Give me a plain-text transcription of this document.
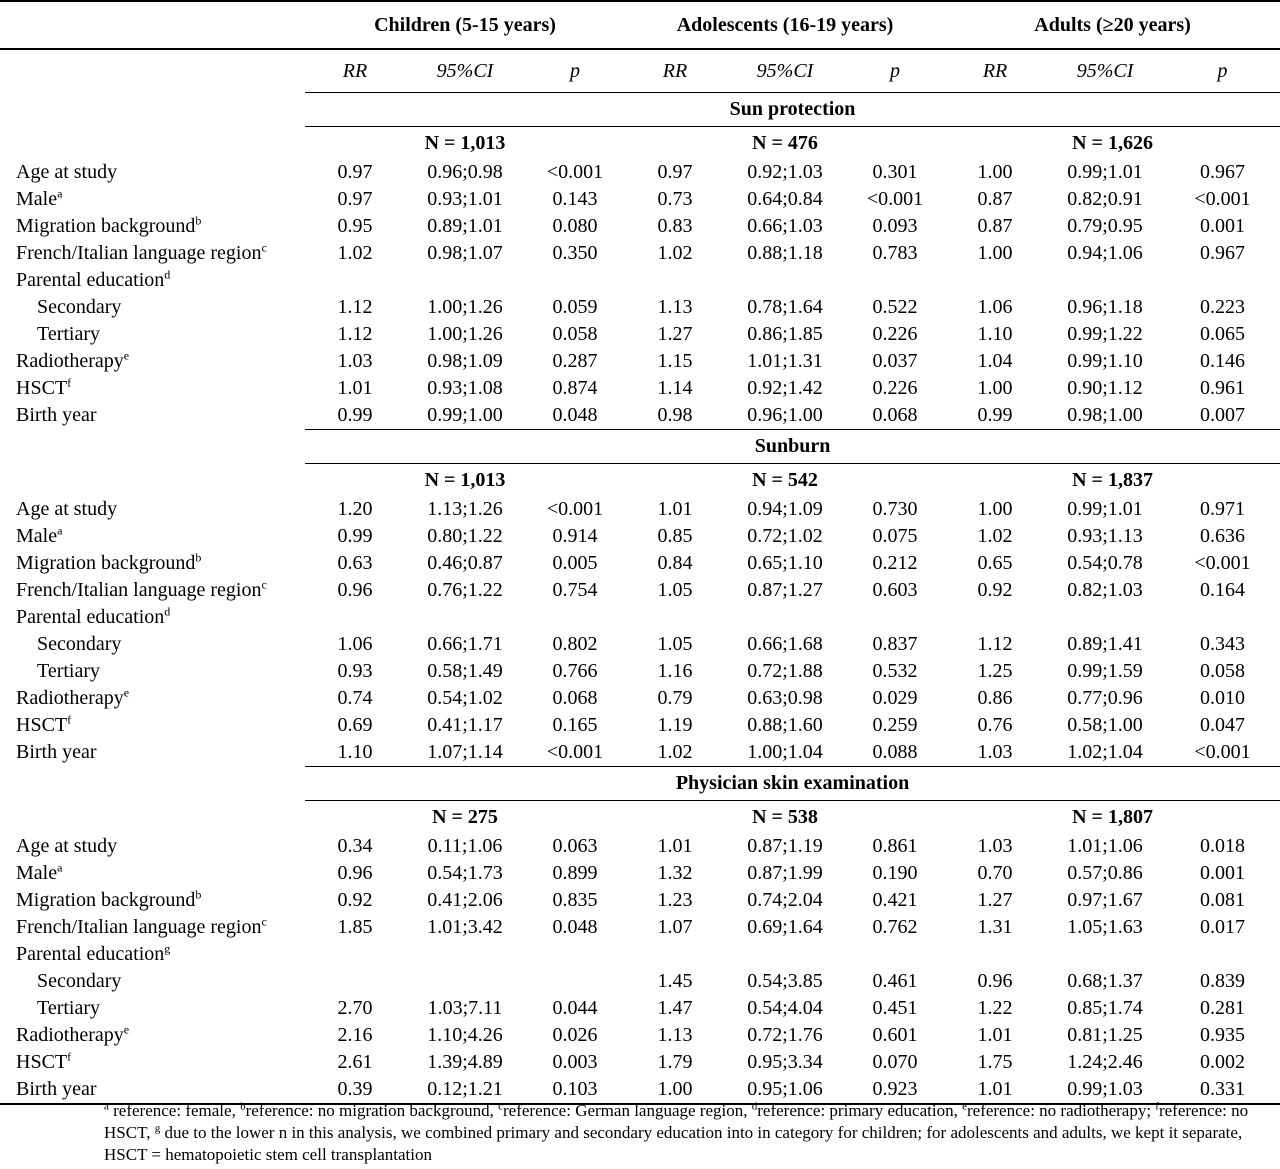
	Children (5-15 years)			Adolescents (16-19 years)			Adults (≥20 years)		
	RR	95%CI	p	RR	95%CI	p	RR	95%CI	p
	Sun protection								
	N = 1,013			N = 476			N = 1,626		
Age at study	0.97	0.96;0.98	<0.001	0.97	0.92;1.03	0.301	1.00	0.99;1.01	0.967
Male$^a$	0.97	0.93;1.01	0.143	0.73	0.64;0.84	<0.001	0.87	0.82;0.91	<0.001
Migration background$^b$	0.95	0.89;1.01	0.080	0.83	0.66;1.03	0.093	0.87	0.79;0.95	0.001
French/Italian language region$^c$	1.02	0.98;1.07	0.350	1.02	0.88;1.18	0.783	1.00	0.94;1.06	0.967
Parental education$^d$									
Secondary	1.12	1.00;1.26	0.059	1.13	0.78;1.64	0.522	1.06	0.96;1.18	0.223
Tertiary	1.12	1.00;1.26	0.058	1.27	0.86;1.85	0.226	1.10	0.99;1.22	0.065
Radiotherapy$^e$	1.03	0.98;1.09	0.287	1.15	1.01;1.31	0.037	1.04	0.99;1.10	0.146
HSCT$^f$	1.01	0.93;1.08	0.874	1.14	0.92;1.42	0.226	1.00	0.90;1.12	0.961
Birth year	0.99	0.99;1.00	0.048	0.98	0.96;1.00	0.068	0.99	0.98;1.00	0.007
	Sunburn								
	N = 1,013			N = 542			N = 1,837		
Age at study	1.20	1.13;1.26	<0.001	1.01	0.94;1.09	0.730	1.00	0.99;1.01	0.971
Male$^a$	0.99	0.80;1.22	0.914	0.85	0.72;1.02	0.075	1.02	0.93;1.13	0.636
Migration background$^b$	0.63	0.46;0.87	0.005	0.84	0.65;1.10	0.212	0.65	0.54;0.78	<0.001
French/Italian language region$^c$	0.96	0.76;1.22	0.754	1.05	0.87;1.27	0.603	0.92	0.82;1.03	0.164
Parental education$^d$									
Secondary	1.06	0.66;1.71	0.802	1.05	0.66;1.68	0.837	1.12	0.89;1.41	0.343
Tertiary	0.93	0.58;1.49	0.766	1.16	0.72;1.88	0.532	1.25	0.99;1.59	0.058
Radiotherapy$^e$	0.74	0.54;1.02	0.068	0.79	0.63;0.98	0.029	0.86	0.77;0.96	0.010
HSCT$^f$	0.69	0.41;1.17	0.165	1.19	0.88;1.60	0.259	0.76	0.58;1.00	0.047
Birth year	1.10	1.07;1.14	<0.001	1.02	1.00;1.04	0.088	1.03	1.02;1.04	<0.001
	Physician skin examination								
	N = 275			N = 538			N = 1,807		
Age at study	0.34	0.11;1.06	0.063	1.01	0.87;1.19	0.861	1.03	1.01;1.06	0.018
Male$^a$	0.96	0.54;1.73	0.899	1.32	0.87;1.99	0.190	0.70	0.57;0.86	0.001
Migration background$^b$	0.92	0.41;2.06	0.835	1.23	0.74;2.04	0.421	1.27	0.97;1.67	0.081
French/Italian language region$^c$	1.85	1.01;3.42	0.048	1.07	0.69;1.64	0.762	1.31	1.05;1.63	0.017
Parental education$^g$									
Secondary				1.45	0.54;3.85	0.461	0.96	0.68;1.37	0.839
Tertiary	2.70	1.03;7.11	0.044	1.47	0.54;4.04	0.451	1.22	0.85;1.74	0.281
Radiotherapy$^e$	2.16	1.10;4.26	0.026	1.13	0.72;1.76	0.601	1.01	0.81;1.25	0.935
HSCT$^f$	2.61	1.39;4.89	0.003	1.79	0.95;3.34	0.070	1.75	1.24;2.46	0.002
Birth year	0.39	0.12;1.21	0.103	1.00	0.95;1.06	0.923	1.01	0.99;1.03	0.331
$^a$ reference: female, $^b$reference: no migration background, $^c$reference: German language region, $^d$reference: primary education, $^e$reference: no radiotherapy; $^f$reference: no HSCT, $^g$ due to the lower n in this analysis, we combined primary and secondary education into in category for children; for adolescents and adults, we kept it separate, HSCT = hematopoietic stem cell transplantation
